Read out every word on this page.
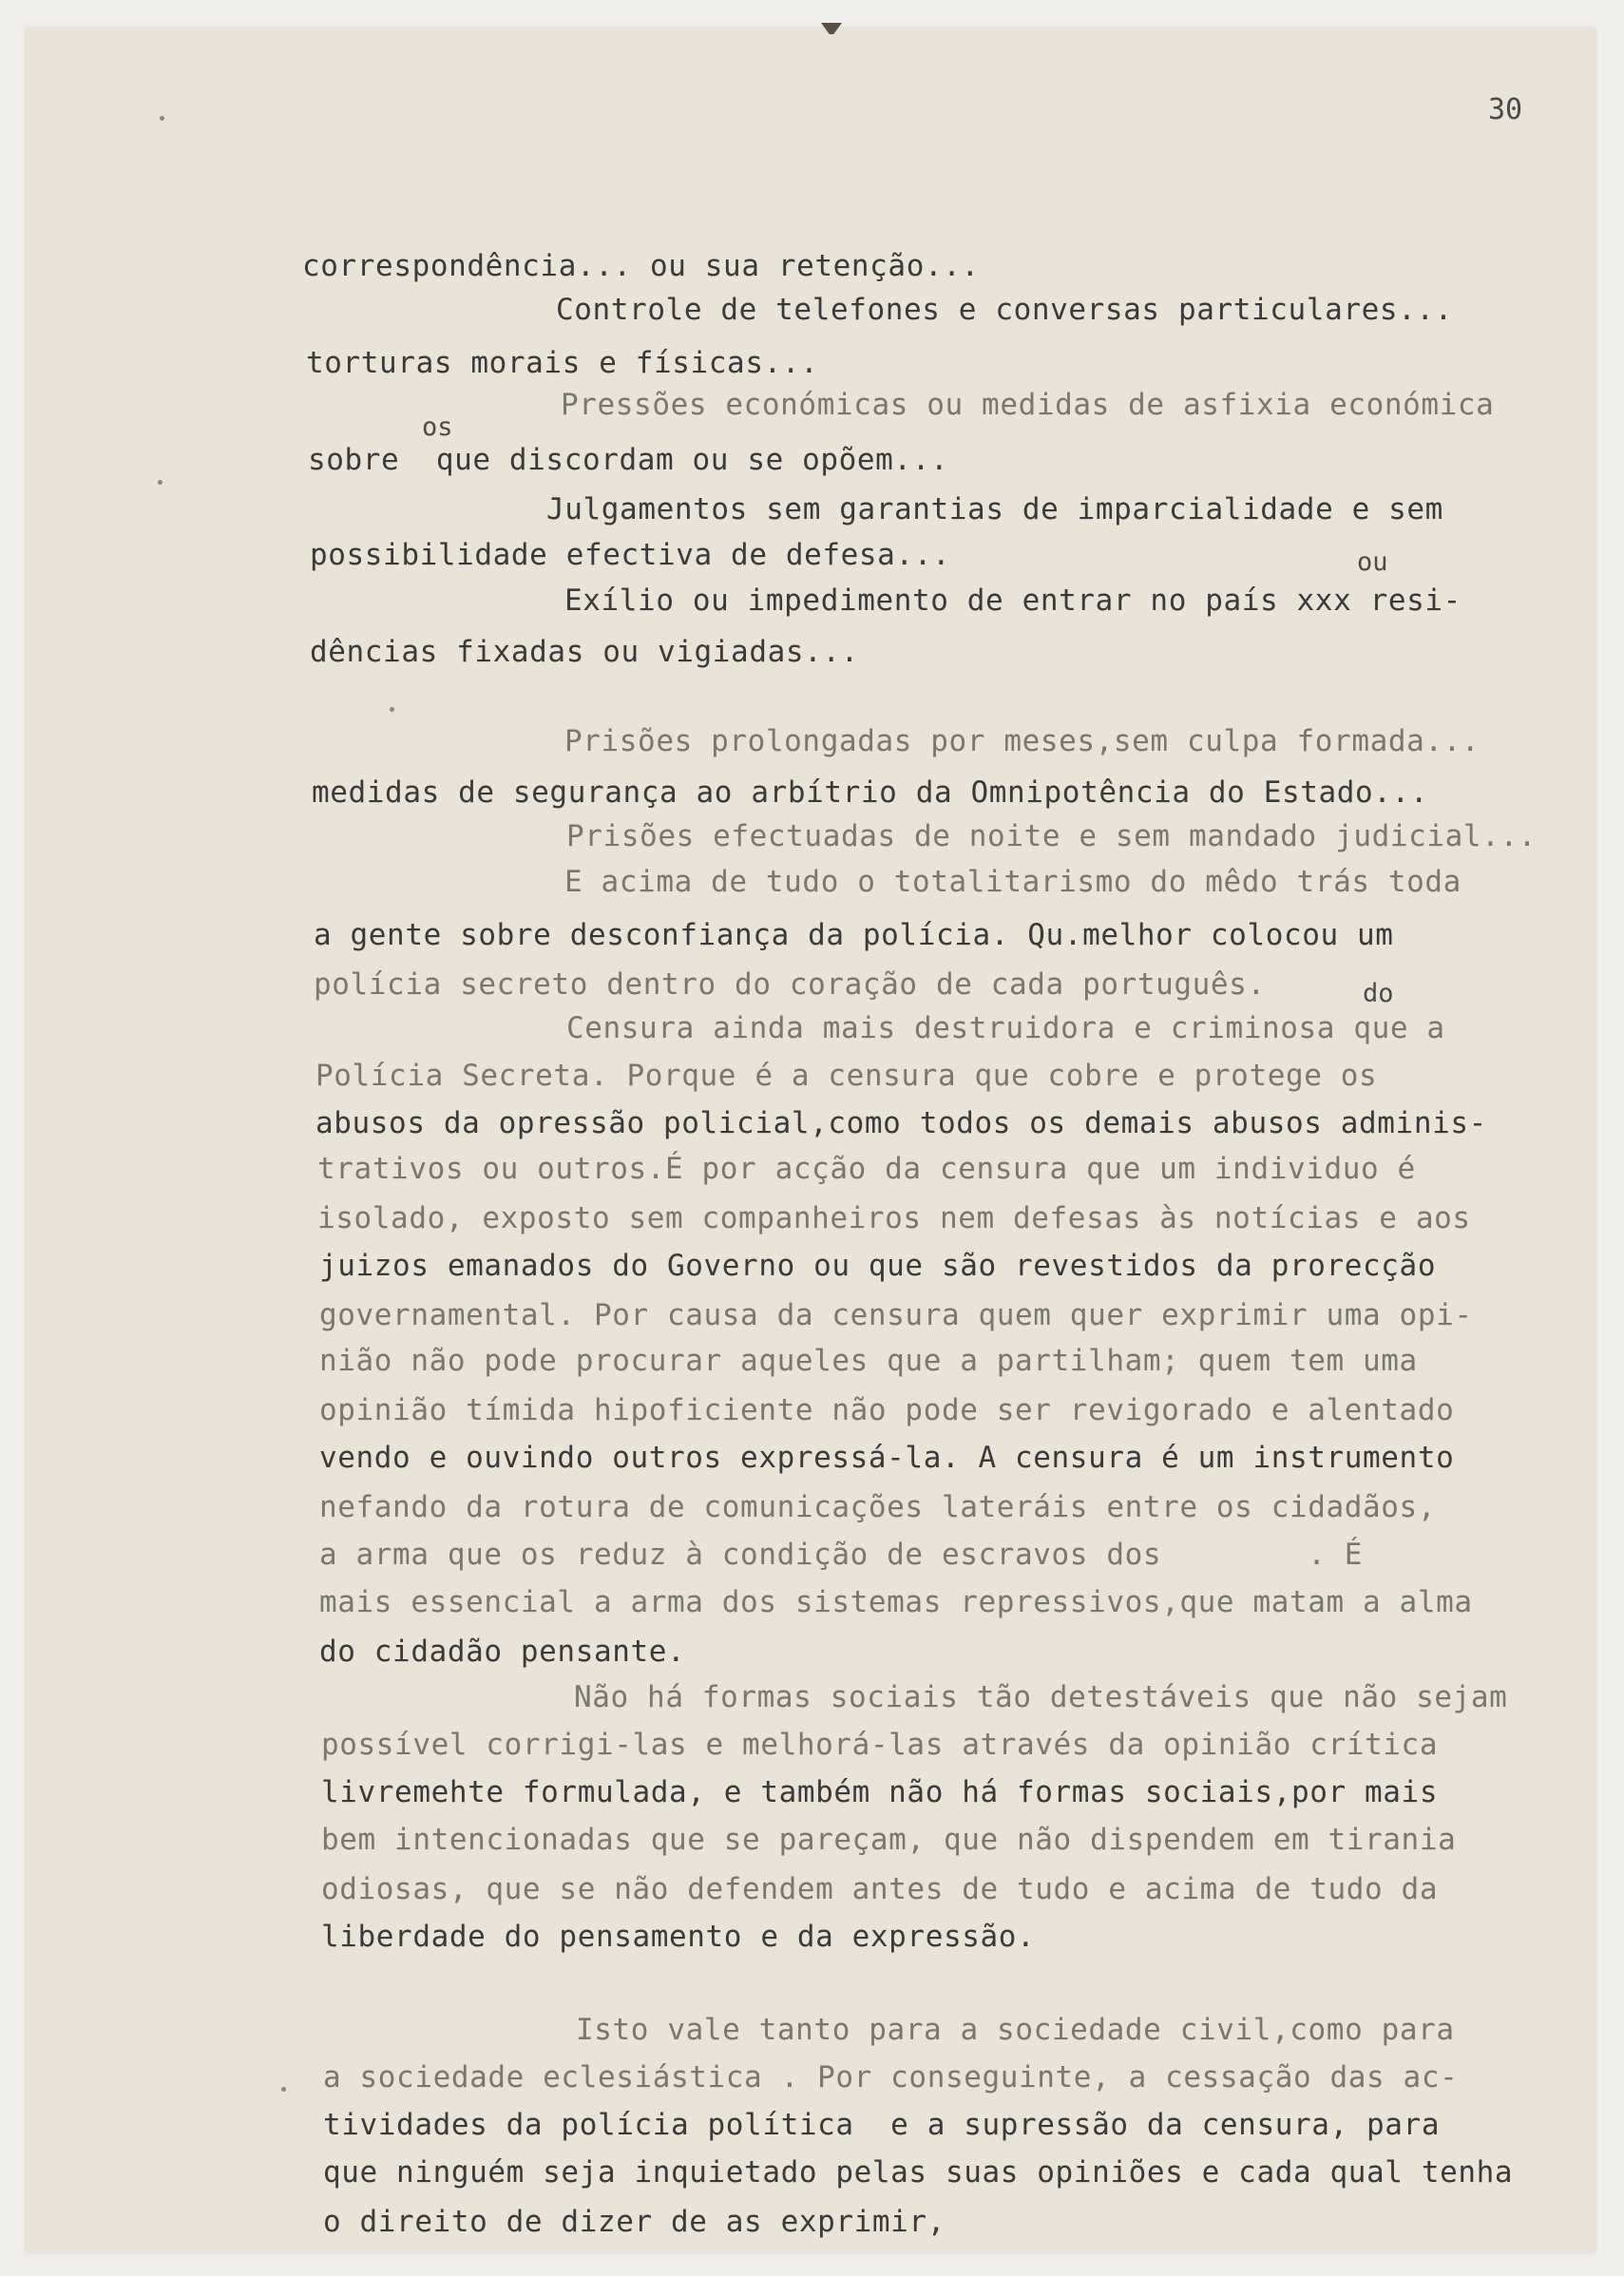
30
correspondência... ou sua retenção...
Controle de telefones e conversas particulares...
torturas morais e físicas...
Pressões económicas ou medidas de asfixia económica
os
sobre  que discordam ou se opõem...
Julgamentos sem garantias de imparcialidade e sem
possibilidade efectiva de defesa...	ou
Exílio ou impedimento de entrar no país xxx resi-
dências fixadas ou vigiadas...
Prisões prolongadas por meses,sem culpa formada...
medidas de segurança ao arbítrio da Omnipotência do Estado...
Prisões efectuadas de noite e sem mandado judicial...
E acima de tudo o totalitarismo do mêdo trás toda
a gente sobre desconfiança da polícia. Qu.melhor colocou um
polícia secreto dentro do coração de cada português.	do
Censura ainda mais destruidora e criminosa que a
Polícia Secreta. Porque é a censura que cobre e protege os
abusos da opressão policial,como todos os demais abusos adminis-
trativos ou outros.É por acção da censura que um individuo é
isolado, exposto sem companheiros nem defesas às notícias e aos
juizos emanados do Governo ou que são revestidos da prorecção
governamental. Por causa da censura quem quer exprimir uma opi-
nião não pode procurar aqueles que a partilham; quem tem uma
opinião tímida hipoficiente não pode ser revigorado e alentado
vendo e ouvindo outros expressá-la. A censura é um instrumento
nefando da rotura de comunicações lateráis entre os cidadãos,
a arma que os reduz à condição de escravos dos        . É
mais essencial a arma dos sistemas repressivos,que matam a alma
do cidadão pensante.
Não há formas sociais tão detestáveis que não sejam
possível corrigi-las e melhorá-las através da opinião crítica
livremehte formulada, e também não há formas sociais,por mais
bem intencionadas que se pareçam, que não dispendem em tirania
odiosas, que se não defendem antes de tudo e acima de tudo da
liberdade do pensamento e da expressão.
Isto vale tanto para a sociedade civil,como para
a sociedade eclesiástica . Por conseguinte, a cessação das ac-
tividades da polícia política  e a supressão da censura, para
que ninguém seja inquietado pelas suas opiniões e cada qual tenha
o direito de dizer de as exprimir,
